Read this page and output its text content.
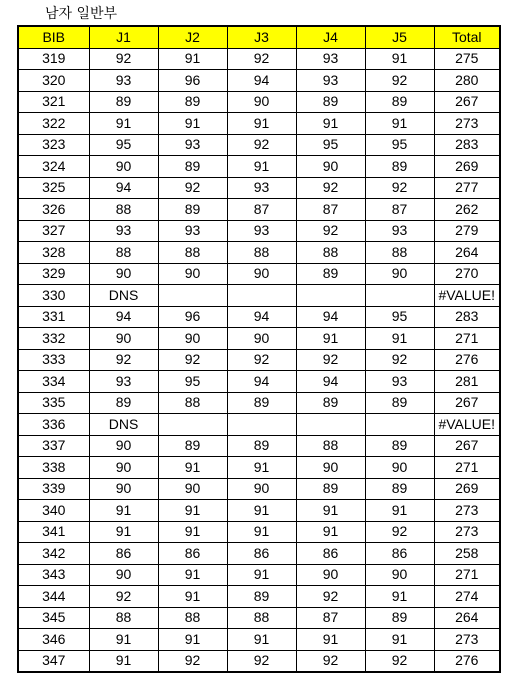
남자 일반부
BIB	J1	J2	J3	J4	J5	Total
319	92	91	92	93	91	275
320	93	96	94	93	92	280
321	89	89	90	89	89	267
322	91	91	91	91	91	273
323	95	93	92	95	95	283
324	90	89	91	90	89	269
325	94	92	93	92	92	277
326	88	89	87	87	87	262
327	93	93	93	92	93	279
328	88	88	88	88	88	264
329	90	90	90	89	90	270
330	DNS					#VALUE!
331	94	96	94	94	95	283
332	90	90	90	91	91	271
333	92	92	92	92	92	276
334	93	95	94	94	93	281
335	89	88	89	89	89	267
336	DNS					#VALUE!
337	90	89	89	88	89	267
338	90	91	91	90	90	271
339	90	90	90	89	89	269
340	91	91	91	91	91	273
341	91	91	91	91	92	273
342	86	86	86	86	86	258
343	90	91	91	90	90	271
344	92	91	89	92	91	274
345	88	88	88	87	89	264
346	91	91	91	91	91	273
347	91	92	92	92	92	276
